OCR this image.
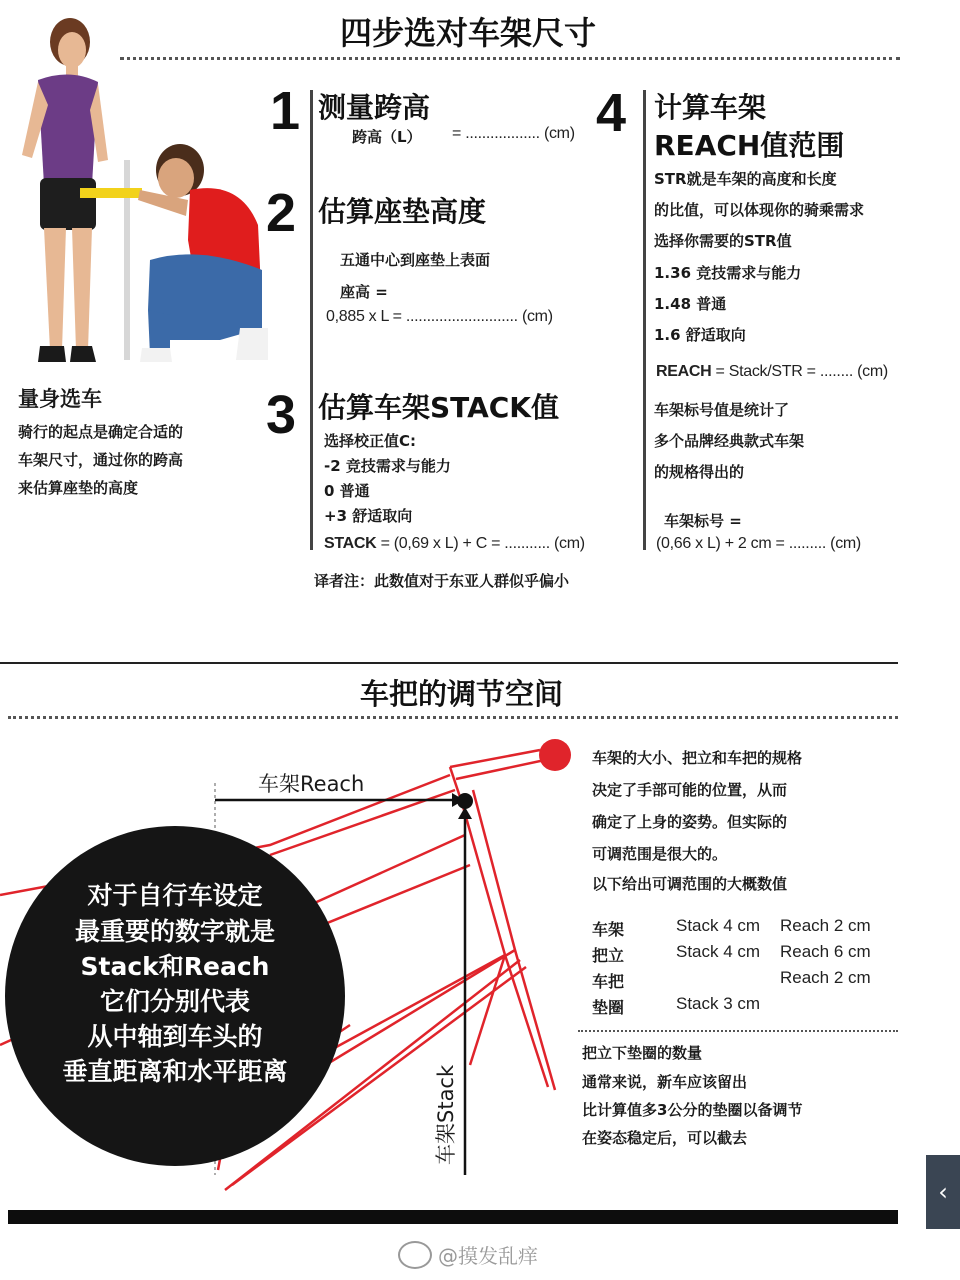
四步选对车架尺寸
量身选车
骑行的起点是确定合适的
车架尺寸，通过你的跨高
来估算座垫的高度
1 测量跨高
跨高（L） = .................. (cm)
2 估算座垫高度
五通中心到座垫上表面
座高 =
0,885 x L = ........................... (cm)
3 估算车架STACK值
选择校正值C:
-2 竞技需求与能力
0 普通
+3 舒适取向
STACK = (0,69 x L) + C = ........... (cm)
4 计算车架
REACH值范围
STR就是车架的高度和长度
的比值，可以体现你的骑乘需求
选择你需要的STR值
1.36 竞技需求与能力
1.48 普通
1.6 舒适取向
REACH = Stack/STR = ........ (cm)
车架标号值是统计了
多个品牌经典款式车架
的规格得出的
车架标号 =
(0,66 x L) + 2 cm = ......... (cm)
译者注：此数值对于东亚人群似乎偏小
车把的调节空间
车架Reach
车架Stack
对于自行车设定
最重要的数字就是
Stack和Reach
它们分别代表
从中轴到车头的
垂直距离和水平距离
车架的大小、把立和车把的规格
决定了手部可能的位置，从而
确定了上身的姿势。但实际的
可调范围是很大的。
以下给出可调范围的大概数值
车架	Stack 4 cm Reach 2 cm
把立	Stack 4 cm Reach 6 cm
车把	Reach 2 cm
垫圈	Stack 3 cm
把立下垫圈的数量
通常来说，新车应该留出
比计算值多3公分的垫圈以备调节
在姿态稳定后，可以截去
@摸发乱痒
‹
